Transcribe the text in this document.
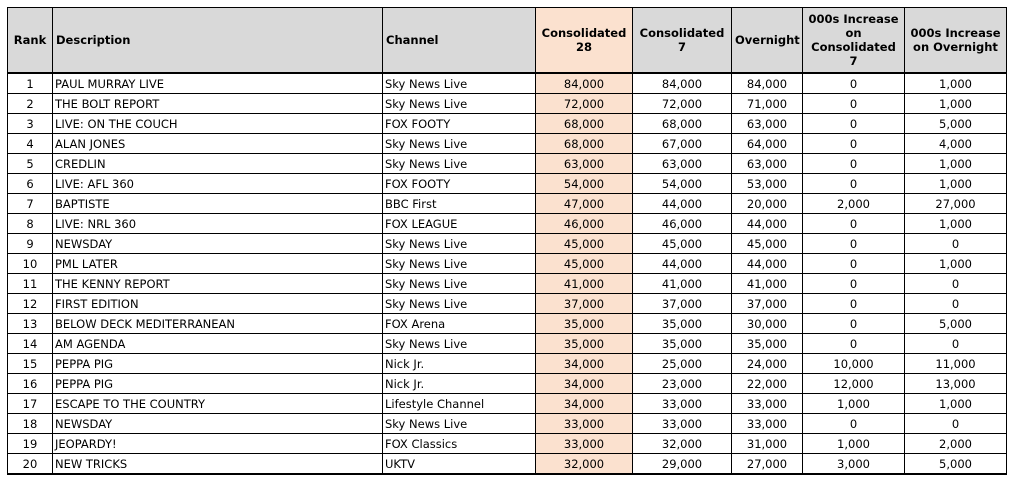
Rank	Description	Channel	Consolidated 28	Consolidated 7	Overnight	000s Increase on Consolidated 7	000s Increase on Overnight
1	PAUL MURRAY LIVE	Sky News Live	84,000	84,000	84,000	0	1,000
2	THE BOLT REPORT	Sky News Live	72,000	72,000	71,000	0	1,000
3	LIVE: ON THE COUCH	FOX FOOTY	68,000	68,000	63,000	0	5,000
4	ALAN JONES	Sky News Live	68,000	67,000	64,000	0	4,000
5	CREDLIN	Sky News Live	63,000	63,000	63,000	0	1,000
6	LIVE: AFL 360	FOX FOOTY	54,000	54,000	53,000	0	1,000
7	BAPTISTE	BBC First	47,000	44,000	20,000	2,000	27,000
8	LIVE: NRL 360	FOX LEAGUE	46,000	46,000	44,000	0	1,000
9	NEWSDAY	Sky News Live	45,000	45,000	45,000	0	0
10	PML LATER	Sky News Live	45,000	44,000	44,000	0	1,000
11	THE KENNY REPORT	Sky News Live	41,000	41,000	41,000	0	0
12	FIRST EDITION	Sky News Live	37,000	37,000	37,000	0	0
13	BELOW DECK MEDITERRANEAN	FOX Arena	35,000	35,000	30,000	0	5,000
14	AM AGENDA	Sky News Live	35,000	35,000	35,000	0	0
15	PEPPA PIG	Nick Jr.	34,000	25,000	24,000	10,000	11,000
16	PEPPA PIG	Nick Jr.	34,000	23,000	22,000	12,000	13,000
17	ESCAPE TO THE COUNTRY	Lifestyle Channel	34,000	33,000	33,000	1,000	1,000
18	NEWSDAY	Sky News Live	33,000	33,000	33,000	0	0
19	JEOPARDY!	FOX Classics	33,000	32,000	31,000	1,000	2,000
20	NEW TRICKS	UKTV	32,000	29,000	27,000	3,000	5,000
